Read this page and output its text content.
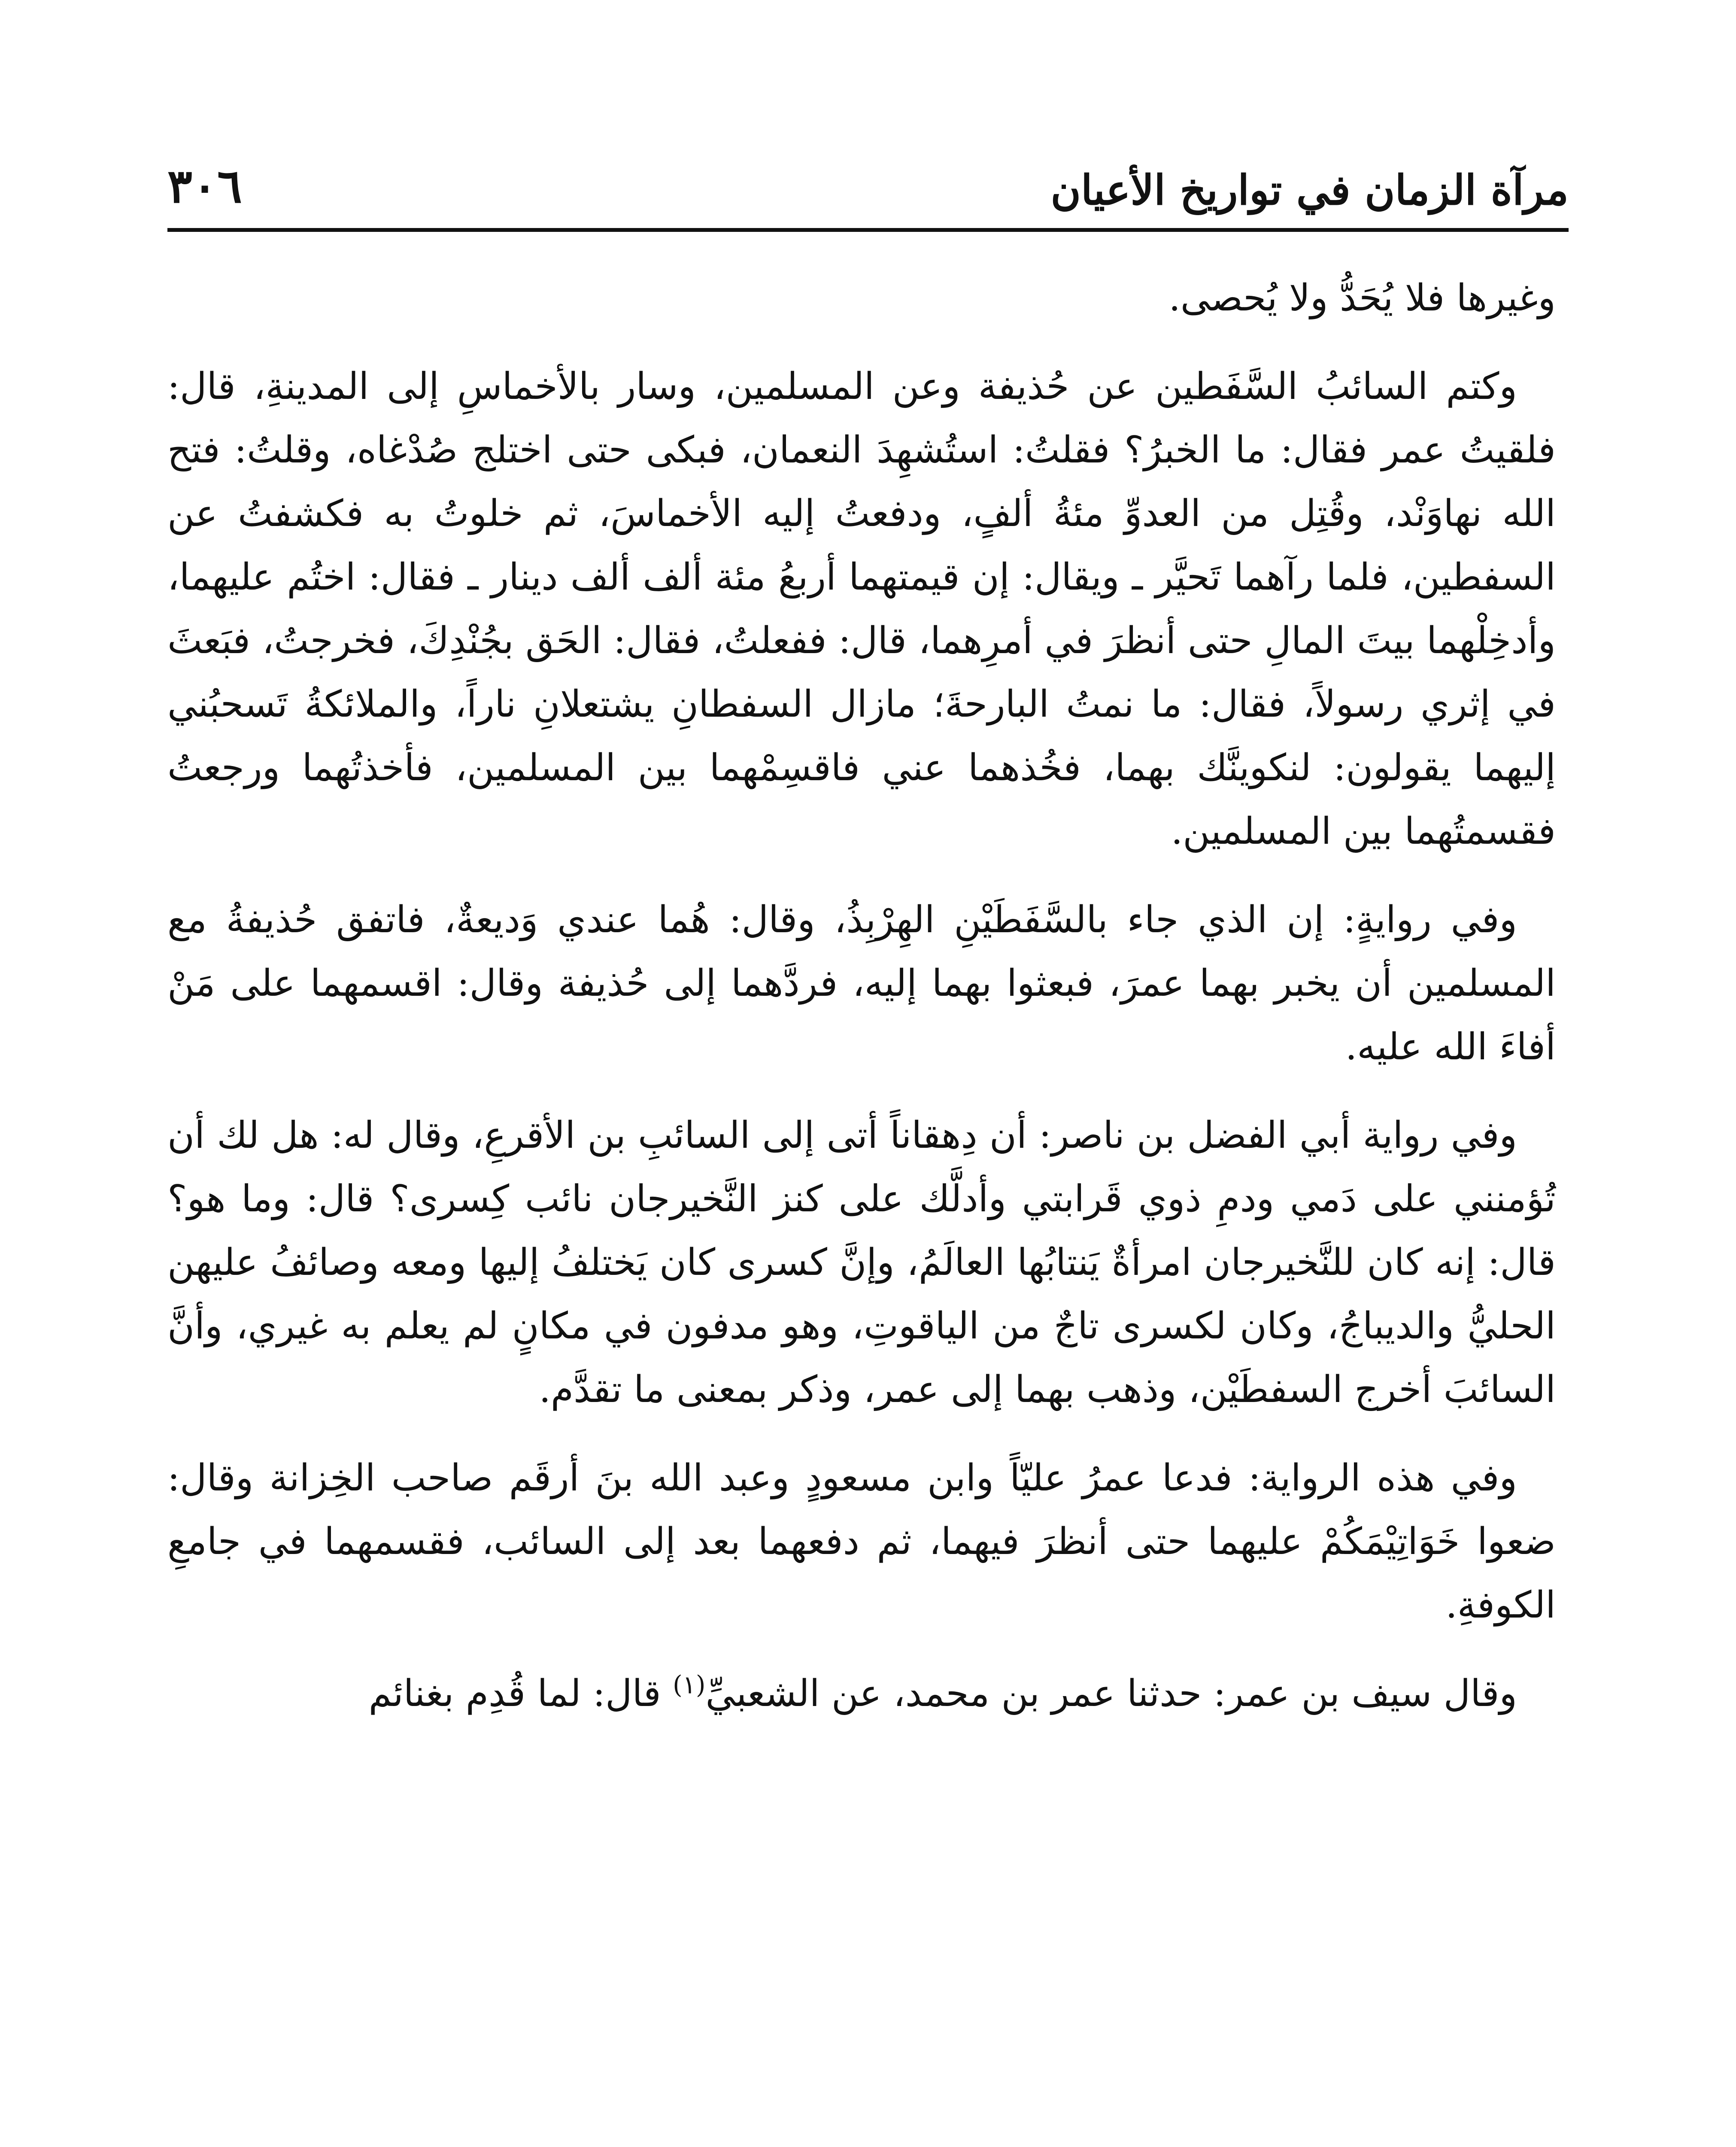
مرآة الزمان في تواريخ الأعيان
٣٠٦

وغيرها فلا يُحَدُّ ولا يُحصى.

وكتم السائبُ السَّفَطين عن حُذيفة وعن المسلمين، وسار بالأخماسِ إلى المدينةِ، قال: فلقيتُ عمر فقال: ما الخبرُ؟ فقلتُ: استُشهِدَ النعمان، فبكى حتى اختلج صُدْغاه، وقلتُ: فتح الله نهاوَنْد، وقُتِل من العدوِّ مئةُ ألفٍ، ودفعتُ إليه الأخماسَ، ثم خلوتُ به فكشفتُ عن السفطين، فلما رآهما تَحيَّر ـ ويقال: إن قيمتهما أربعُ مئة ألف ألف دينار ـ فقال: اختُم عليهما، وأدخِلْهما بيتَ المالِ حتى أنظرَ في أمرِهما، قال: ففعلتُ، فقال: الحَق بجُنْدِكَ، فخرجتُ، فبَعثَ في إثري رسولاً، فقال: ما نمتُ البارحةَ؛ مازال السفطانِ يشتعلانِ ناراً، والملائكةُ تَسحبُني إليهما يقولون: لنكوينَّك بهما، فخُذهما عني فاقسِمْهما بين المسلمين، فأخذتُهما ورجعتُ فقسمتُهما بين المسلمين.

وفي روايةٍ: إن الذي جاء بالسَّفَطَيْنِ الهِرْبِذُ، وقال: هُما عندي وَديعةٌ، فاتفق حُذيفةُ مع المسلمين أن يخبر بهما عمرَ، فبعثوا بهما إليه، فردَّهما إلى حُذيفة وقال: اقسمهما على مَنْ أفاءَ الله عليه.

وفي رواية أبي الفضل بن ناصر: أن دِهقاناً أتى إلى السائبِ بن الأقرعِ، وقال له: هل لك أن تُؤمنني على دَمي ودمِ ذوي قَرابتي وأدلَّك على كنز النَّخيرجان نائب كِسرى؟ قال: وما هو؟ قال: إنه كان للنَّخيرجان امرأةٌ يَنتابُها العالَمُ، وإنَّ كسرى كان يَختلفُ إليها ومعه وصائفُ عليهن الحليُّ والديباجُ، وكان لكسرى تاجٌ من الياقوتِ، وهو مدفون في مكانٍ لم يعلم به غيري، وأنَّ السائبَ أخرج السفطَيْن، وذهب بهما إلى عمر، وذكر بمعنى ما تقدَّم.

وفي هذه الرواية: فدعا عمرُ عليّاً وابن مسعودٍ وعبد الله بنَ أرقَم صاحب الخِزانة وقال: ضعوا خَوَاتِيْمَكُمْ عليهما حتى أنظرَ فيهما، ثم دفعهما بعد إلى السائب، فقسمهما في جامعِ الكوفةِ.

وقال سيف بن عمر: حدثنا عمر بن محمد، عن الشعبيِّ$^{(١)}$ قال: لما قُدِم بغنائم
